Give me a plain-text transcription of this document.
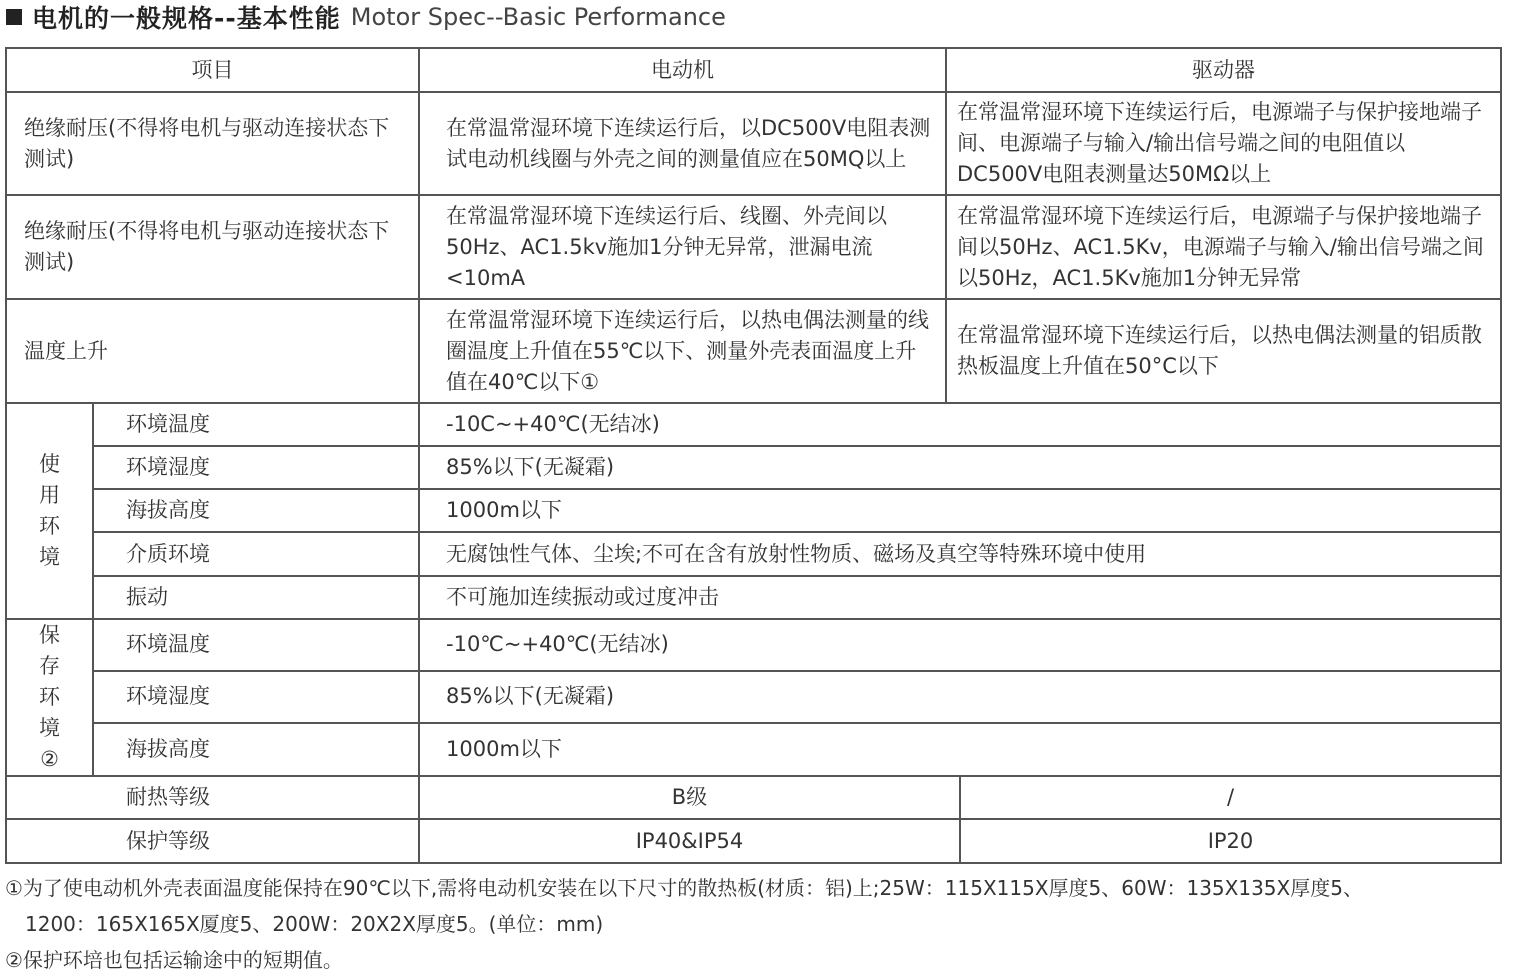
电机的一般规格--基本性能 Motor Spec--Basic Performance
项目		电动机	驱动器	
绝缘耐压(不得将电机与驱动连接状态下测试)		在常温常湿环境下连续运行后，以DC500V电阻表测试电动机线圈与外壳之间的测量值应在50MQ以上	在常温常湿环境下连续运行后，电源端子与保护接地端子间、电源端子与输入/输出信号端之间的电阻值以DC500V电阻表测量达50MΩ以上	
绝缘耐压(不得将电机与驱动连接状态下测试)		在常温常湿环境下连续运行后、线圈、外壳间以50Hz、AC1.5kv施加1分钟无异常，泄漏电流<10mA	在常温常湿环境下连续运行后，电源端子与保护接地端子间以50Hz、AC1.5Kv，电源端子与输入/输出信号端之间以50Hz，AC1.5Kv施加1分钟无异常	
温度上升		在常温常湿环境下连续运行后，以热电偶法测量的线圈温度上升值在55℃以下、测量外壳表面温度上升值在40℃以下①	在常温常湿环境下连续运行后，以热电偶法测量的铝质散热板温度上升值在50°C以下	

使
用
环
境	环境温度	-10C~+40℃(无结冰)		
	环境湿度	85%以下(无凝霜)		
	海拔高度	1000m以下		
	介质环境	无腐蚀性气体、尘埃;不可在含有放射性物质、磁场及真空等特殊环境中使用		
	振动	不可施加连续振动或过度冲击		

保
存
环
境
②	环境温度	-10℃~+40℃(无结冰)		
	环境湿度	85%以下(无凝霜)		
	海拔高度	1000m以下		
耐热等级		B级		/
保护等级		IP40&IP54		IP20
①为了使电动机外壳表面温度能保持在90℃以下,需将电动机安装在以下尺寸的散热板(材质：铝)上;25W：115X115X厚度5、60W：135X135X厚度5、
1200：165X165X厦度5、200W：20X2X厚度5。(单位：mm)
②保护环培也包括运输途中的短期值。
